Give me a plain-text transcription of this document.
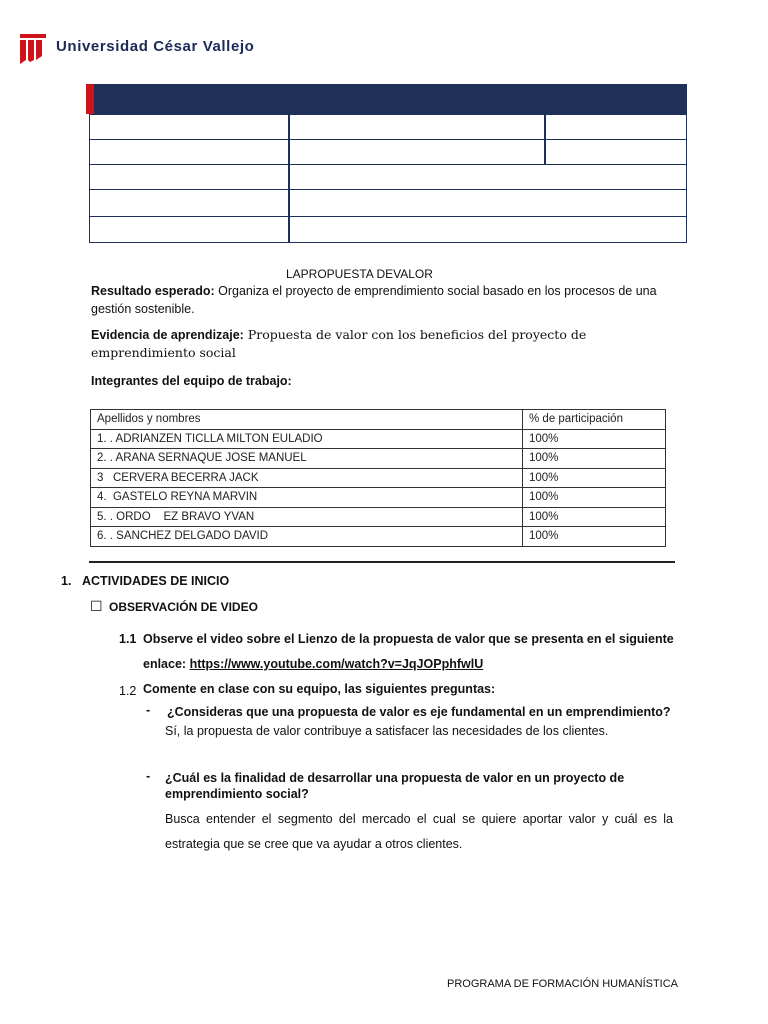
Universidad César Vallejo
LAPROPUESTA DEVALOR
Resultado esperado: Organiza el proyecto de emprendimiento social basado en los procesos de una gestión sostenible.
Evidencia de aprendizaje: Propuesta de valor con los beneficios del proyecto de emprendimiento social
Integrantes del equipo de trabajo:
Apellidos y nombres	% de participación
1. . ADRIANZEN TICLLA MILTON EULADIO	100%
2. . ARANA SERNAQUE JOSE MANUEL	100%
3   CERVERA BECERRA JACK	100%
4.  GASTELO REYNA MARVIN	100%
5. . ORDO    EZ BRAVO YVAN	100%
6. . SANCHEZ DELGADO DAVID	100%
1. ACTIVIDADES DE INICIO
☐ OBSERVACIÓN DE VIDEO
1.1 Observe el video sobre el Lienzo de la propuesta de valor que se presenta en el siguiente
enlace: https://www.youtube.com/watch?v=JqJOPphfwlU
1.2 Comente en clase con su equipo, las siguientes preguntas:
- ¿Consideras que una propuesta de valor es eje fundamental en un emprendimiento?
Sí, la propuesta de valor contribuye a satisfacer las necesidades de los clientes.
- ¿Cuál es la finalidad de desarrollar una propuesta de valor en un proyecto de
emprendimiento social?
Busca entender el segmento del mercado el cual se quiere aportar valor y cuál es la
estrategia que se cree que va ayudar a otros clientes.
PROGRAMA DE FORMACIÓN HUMANÍSTICA
